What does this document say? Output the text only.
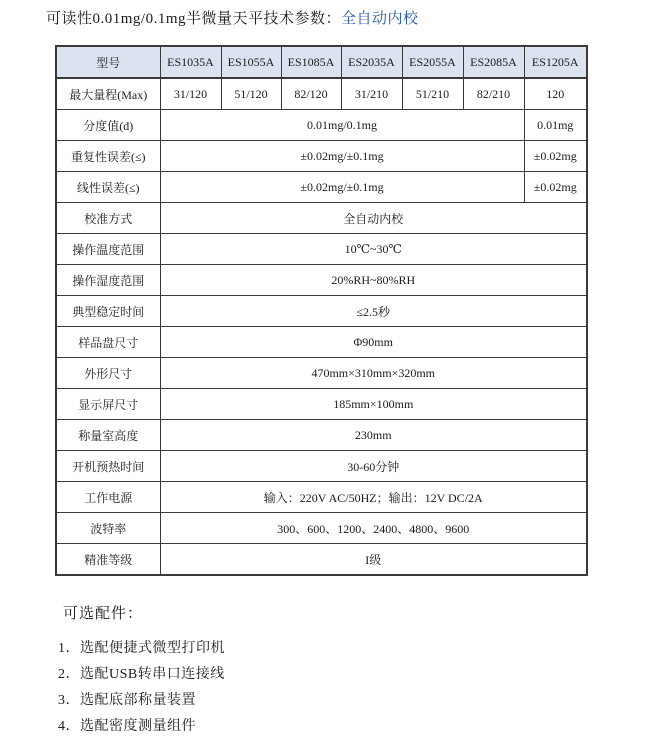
可读性0.01mg/0.1mg半微量天平技术参数：全自动内校
型号	ES1035A	ES1055A	ES1085A	ES2035A	ES2055A	ES2085A	ES1205A
最大量程(Max)	31/120	51/120	82/120	31/210	51/210	82/210	120
分度值(d)	0.01mg/0.1mg						0.01mg
重复性误差(≤)	±0.02mg/±0.1mg						±0.02mg
线性误差(≤)	±0.02mg/±0.1mg						±0.02mg
校准方式	全自动内校						
操作温度范围	10℃~30℃						
操作湿度范围	20%RH~80%RH						
典型稳定时间	≤2.5秒						
样品盘尺寸	Φ90mm						
外形尺寸	470mm×310mm×320mm						
显示屏尺寸	185mm×100mm						
称量室高度	230mm						
开机预热时间	30-60分钟						
工作电源	输入：220V AC/50HZ；输出：12V DC/2A						
波特率	300、600、1200、2400、4800、9600						
精准等级	I级						
可选配件：
1．选配便捷式微型打印机
2．选配USB转串口连接线
3．选配底部称量装置
4．选配密度测量组件
